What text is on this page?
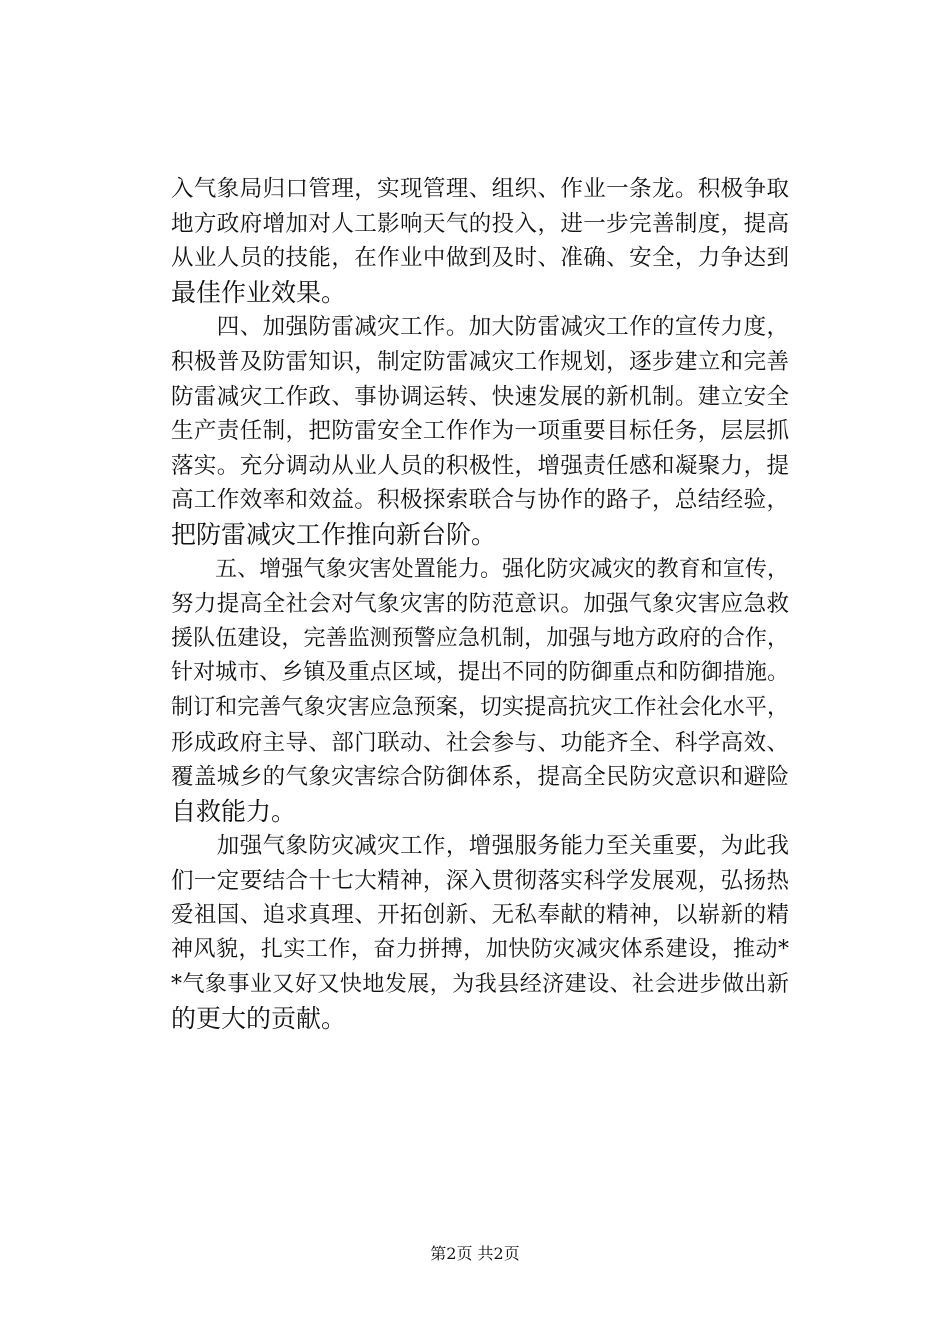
入气象局归口管理，实现管理、组织、作业一条龙。积极争取
地方政府增加对人工影响天气的投入，进一步完善制度，提高
从业人员的技能，在作业中做到及时、准确、安全，力争达到
最佳作业效果。
　　四、加强防雷减灾工作。加大防雷减灾工作的宣传力度，
积极普及防雷知识，制定防雷减灾工作规划，逐步建立和完善
防雷减灾工作政、事协调运转、快速发展的新机制。建立安全
生产责任制，把防雷安全工作作为一项重要目标任务，层层抓
落实。充分调动从业人员的积极性，增强责任感和凝聚力，提
高工作效率和效益。积极探索联合与协作的路子，总结经验，
把防雷减灾工作推向新台阶。
　　五、增强气象灾害处置能力。强化防灾减灾的教育和宣传，
努力提高全社会对气象灾害的防范意识。加强气象灾害应急救
援队伍建设，完善监测预警应急机制，加强与地方政府的合作，
针对城市、乡镇及重点区域，提出不同的防御重点和防御措施。
制订和完善气象灾害应急预案，切实提高抗灾工作社会化水平，
形成政府主导、部门联动、社会参与、功能齐全、科学高效、
覆盖城乡的气象灾害综合防御体系，提高全民防灾意识和避险
自救能力。
　　加强气象防灾减灾工作，增强服务能力至关重要，为此我
们一定要结合十七大精神，深入贯彻落实科学发展观，弘扬热
爱祖国、追求真理、开拓创新、无私奉献的精神，以崭新的精
神风貌，扎实工作，奋力拼搏，加快防灾减灾体系建设，推动*
*气象事业又好又快地发展，为我县经济建设、社会进步做出新
的更大的贡献。
第2页 共2页
